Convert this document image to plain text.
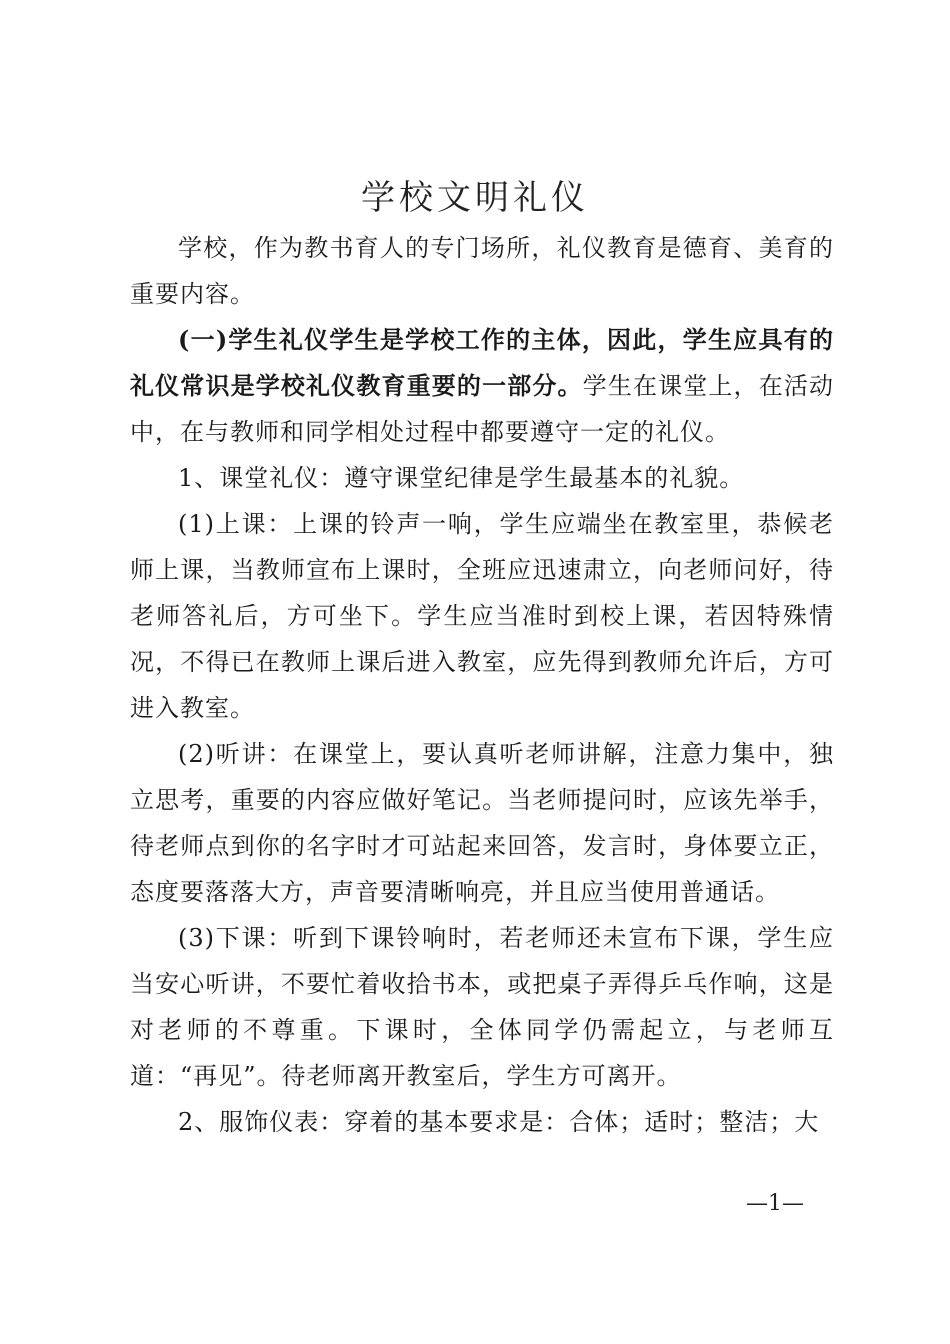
学校文明礼仪

学校，作为教书育人的专门场所，礼仪教育是德育、美育的重要内容。

(一)学生礼仪学生是学校工作的主体，因此，学生应具有的礼仪常识是学校礼仪教育重要的一部分。学生在课堂上，在活动中，在与教师和同学相处过程中都要遵守一定的礼仪。

1、课堂礼仪：遵守课堂纪律是学生最基本的礼貌。

(1)上课：上课的铃声一响，学生应端坐在教室里，恭候老师上课，当教师宣布上课时，全班应迅速肃立，向老师问好，待老师答礼后，方可坐下。学生应当准时到校上课，若因特殊情况，不得已在教师上课后进入教室，应先得到教师允许后，方可进入教室。

(2)听讲：在课堂上，要认真听老师讲解，注意力集中，独立思考，重要的内容应做好笔记。当老师提问时，应该先举手，待老师点到你的名字时才可站起来回答，发言时，身体要立正，态度要落落大方，声音要清晰响亮，并且应当使用普通话。

(3)下课：听到下课铃响时，若老师还未宣布下课，学生应当安心听讲，不要忙着收拾书本，或把桌子弄得乒乓作响，这是对老师的不尊重。下课时，全体同学仍需起立，与老师互道：“再见”。待老师离开教室后，学生方可离开。

2、服饰仪表：穿着的基本要求是：合体；适时；整洁；大

—1—
